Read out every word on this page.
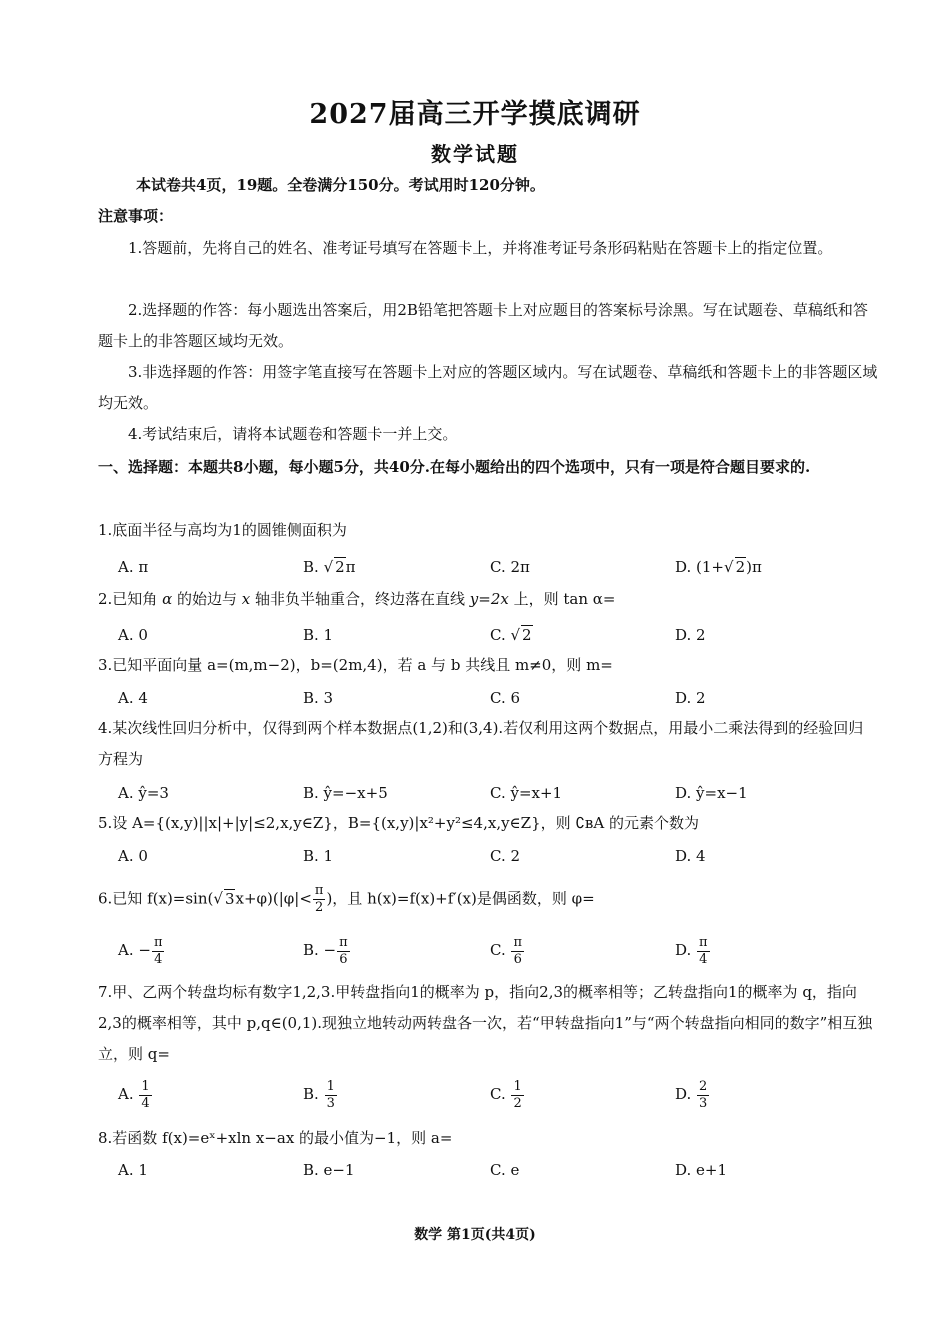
2027届高三开学摸底调研
数学试题
本试卷共4页，19题。全卷满分150分。考试用时120分钟。
注意事项：

1.答题前，先将自己的姓名、准考证号填写在答题卡上，并将准考证号条形码粘贴在答题卡上的指定位置。

2.选择题的作答：每小题选出答案后，用2B铅笔把答题卡上对应题目的答案标号涂黑。写在试题卷、草稿纸和答题卡上的非答题区域均无效。

3.非选择题的作答：用签字笔直接写在答题卡上对应的答题区域内。写在试题卷、草稿纸和答题卡上的非答题区域均无效。

4.考试结束后，请将本试题卷和答题卡一并上交。

一、选择题：本题共8小题，每小题5分，共40分.在每小题给出的四个选项中，只有一项是符合题目要求的.

1.底面半径与高均为1的圆锥侧面积为

A. π	B. √ 2π	C. 2π	D. (1+√ 2)π

2.已知角 α 的始边与 x 轴非负半轴重合，终边落在直线 y=2x 上，则 tan α=

A. 0	B. 1	C. √ 2	D. 2

3.已知平面向量 a=(m,m−2)，b=(2m,4)，若 a 与 b 共线且 m≠0，则 m=

A. 4	B. 3	C. 6	D. 2

4.某次线性回归分析中，仅得到两个样本数据点(1,2)和(3,4).若仅利用这两个数据点，用最小二乘法得到的经验回归方程为

A. ŷ=3	B. ŷ=−x+5	C. ŷ=x+1	D. ŷ=x−1

5.设 A={(x,y)||x|+|y|≤2,x,y∈Z}，B={(x,y)|x²+y²≤4,x,y∈Z}，则 ∁ʙA 的元素个数为

A. 0	B. 1	C. 2	D. 4

6.已知 f(x)=sin(√ $3x+\varphi)(|\varphi|< \frac{\pi}{2}$ )，且 h(x)=f(x)+f′(x)是偶函数，则 φ=

A. − $\frac{\pi}{4}$	B. − $\frac{\pi}{6}$	C. $\frac{\pi}{6}$	D. $\frac{\pi}{4}$

7.甲、乙两个转盘均标有数字1,2,3.甲转盘指向1的概率为 p，指向2,3的概率相等；乙转盘指向1的概率为 q，指向2,3的概率相等，其中 p,q∈(0,1).现独立地转动两转盘各一次，若“甲转盘指向1”与“两个转盘指向相同的数字”相互独立，则 q=

A. $\frac{1}{4}$	B. $\frac{1}{3}$	C. $\frac{1}{2}$	D. $\frac{2}{3}$

8.若函数 f(x)=eˣ+xln x−ax 的最小值为−1，则 a=

A. 1	B. e−1	C. e	D. e+1
数学 第1页(共4页)
